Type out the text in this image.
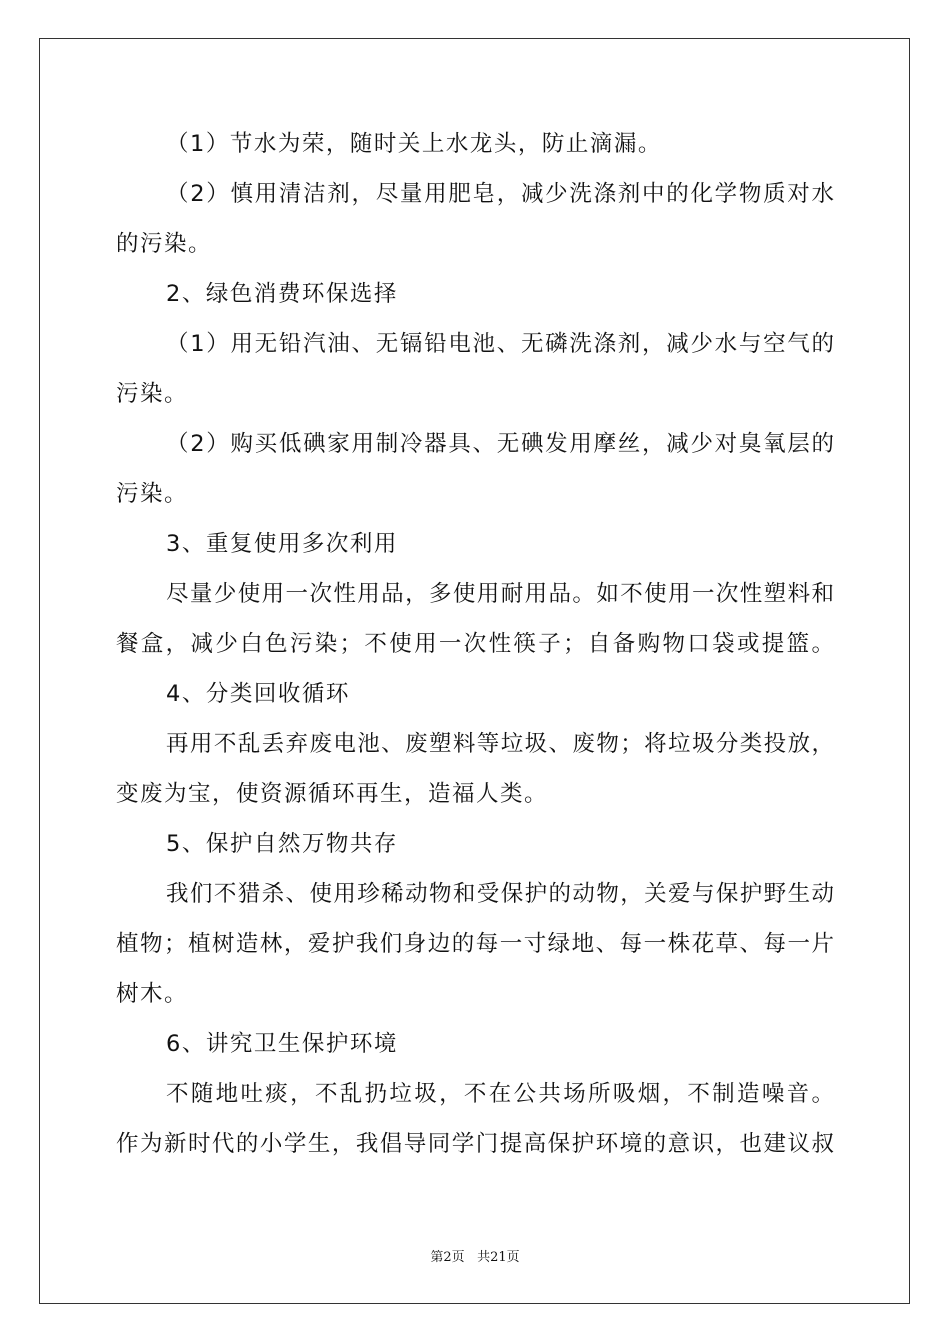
（1）节水为荣，随时关上水龙头，防止滴漏。
（2）慎用清洁剂，尽量用肥皂，减少洗涤剂中的化学物质对水
的污染。
2、绿色消费环保选择
（1）用无铅汽油、无镉铅电池、无磷洗涤剂，减少水与空气的
污染。
（2）购买低碘家用制冷器具、无碘发用摩丝，减少对臭氧层的
污染。
3、重复使用多次利用
尽量少使用一次性用品，多使用耐用品。如不使用一次性塑料和
餐盒，减少白色污染；不使用一次性筷子；自备购物口袋或提篮。
4、分类回收循环
再用不乱丢弃废电池、废塑料等垃圾、废物；将垃圾分类投放，
变废为宝，使资源循环再生，造福人类。
5、保护自然万物共存
我们不猎杀、使用珍稀动物和受保护的动物，关爱与保护野生动
植物；植树造林，爱护我们身边的每一寸绿地、每一株花草、每一片
树木。
6、讲究卫生保护环境
不随地吐痰，不乱扔垃圾，不在公共场所吸烟，不制造噪音。
作为新时代的小学生，我倡导同学门提高保护环境的意识，也建议叔
第2页 共21页
